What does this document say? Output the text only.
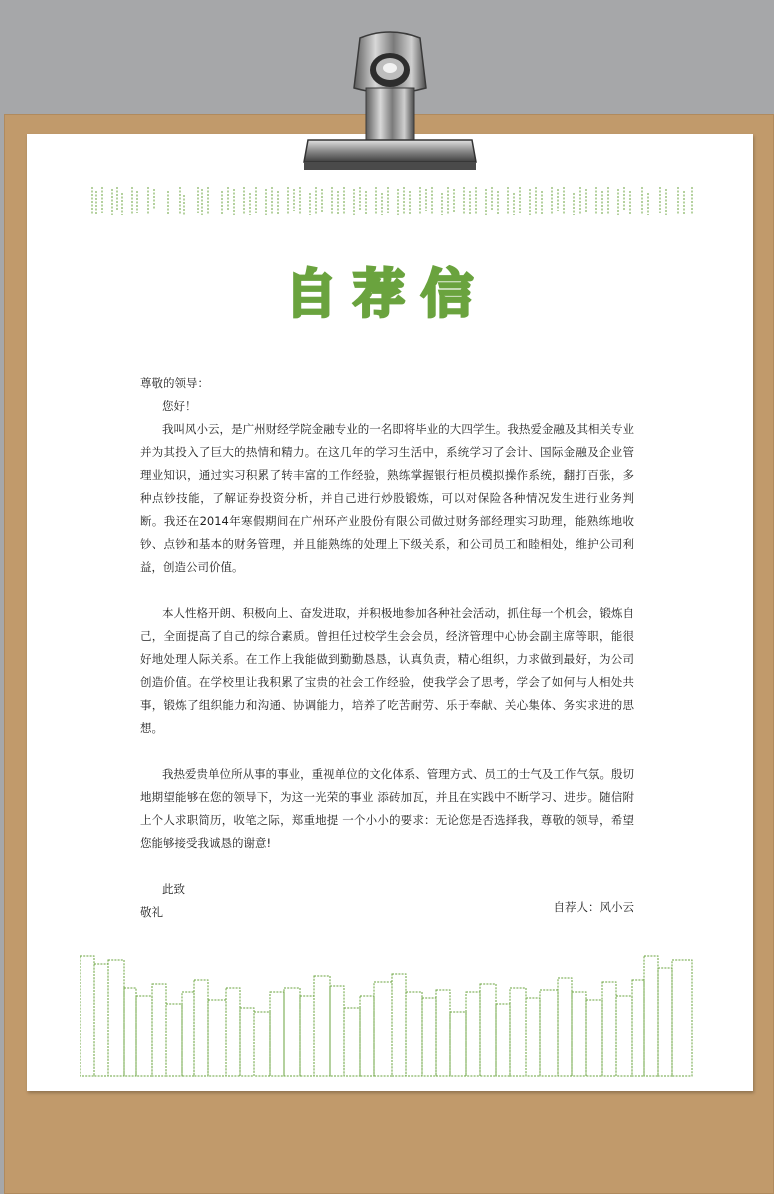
自荐信

尊敬的领导：

您好！

我叫风小云，是广州财经学院金融专业的一名即将毕业的大四学生。我热爱金融及其相关专业并为其投入了巨大的热情和精力。在这几年的学习生活中，系统学习了会计、国际金融及企业管理业知识，通过实习积累了转丰富的工作经验，熟练掌握银行柜员模拟操作系统，翻打百张，多种点钞技能，了解证券投资分析，并自己进行炒股锻炼，可以对保险各种情况发生进行业务判断。我还在2014年寒假期间在广州环产业股份有限公司做过财务部经理实习助理，能熟练地收钞、点钞和基本的财务管理，并且能熟练的处理上下级关系，和公司员工和睦相处，维护公司利益，创造公司价值。

本人性格开朗、积极向上、奋发进取，并积极地参加各种社会活动，抓住每一个机会，锻炼自己，全面提高了自己的综合素质。曾担任过校学生会会员，经济管理中心协会副主席等职，能很好地处理人际关系。在工作上我能做到勤勤恳恳，认真负责，精心组织，力求做到最好，为公司创造价值。在学校里让我积累了宝贵的社会工作经验，使我学会了思考，学会了如何与人相处共事，锻炼了组织能力和沟通、协调能力，培养了吃苦耐劳、乐于奉献、关心集体、务实求进的思想。

我热爱贵单位所从事的事业，重视单位的文化体系、管理方式、员工的士气及工作气氛。殷切地期望能够在您的领导下，为这一光荣的事业 添砖加瓦，并且在实践中不断学习、进步。随信附上个人求职简历，收笔之际，郑重地提 一个小小的要求：无论您是否选择我，尊敬的领导，希望您能够接受我诚恳的谢意!

此致

敬礼	自荐人：风小云
